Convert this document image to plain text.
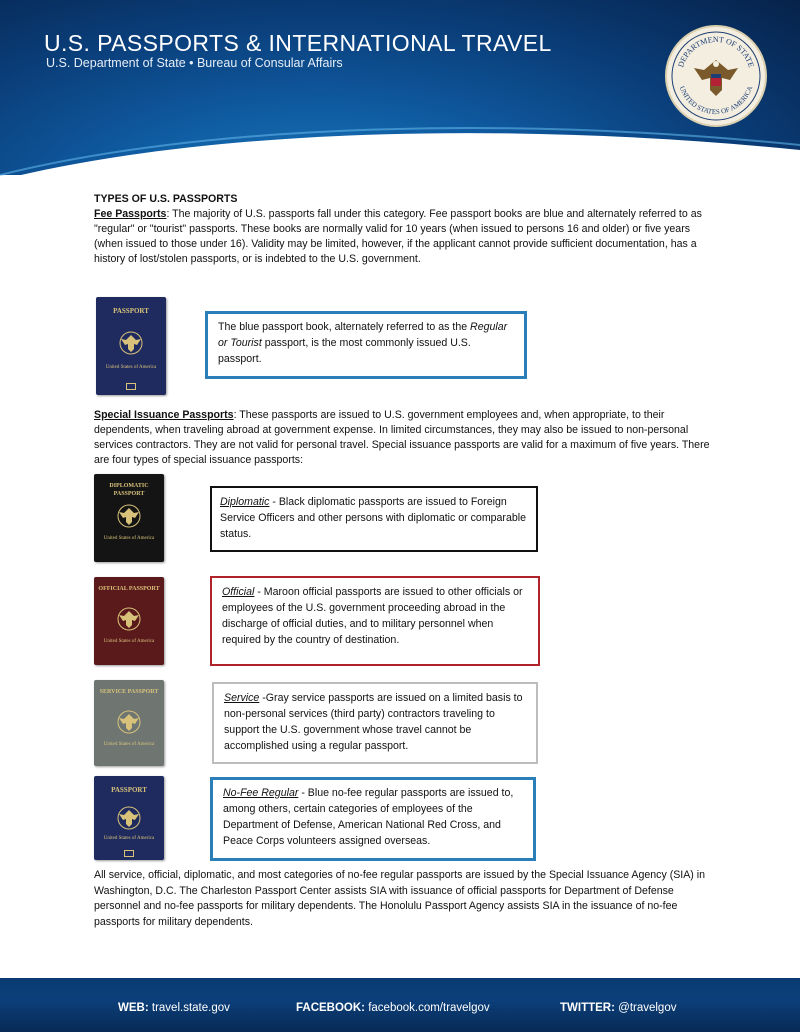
U.S. PASSPORTS & INTERNATIONAL TRAVEL
U.S. Department of State • Bureau of Consular Affairs	DEPARTMENT OF STATE
UNITED STATES OF AMERICA

TYPES OF U.S. PASSPORTS

Fee Passports: The majority of U.S. passports fall under this category. Fee passport books are blue and alternately referred to as "regular" or "tourist" passports. These books are normally valid for 10 years (when issued to persons 16 and older) or five years (when issued to those under 16). Validity may be limited, however, if the applicant cannot provide sufficient documentation, has a history of lost/stolen passports, or is indebted to the U.S. government.

PASSPORT
United States of America
The blue passport book, alternately referred to as the Regular or Tourist passport, is the most commonly issued U.S. passport.

Special Issuance Passports: These passports are issued to U.S. government employees and, when appropriate, to their dependents, when traveling abroad at government expense. In limited circumstances, they may also be issued to non-personal services contractors. They are not valid for personal travel. Special issuance passports are valid for a maximum of five years. There are four types of special issuance passports:

DIPLOMATIC PASSPORT
United States of America
Diplomatic - Black diplomatic passports are issued to Foreign Service Officers and other persons with diplomatic or comparable status.
OFFICIAL PASSPORT
United States of America
Official - Maroon official passports are issued to other officials or employees of the U.S. government proceeding abroad in the discharge of official duties, and to military personnel when required by the country of destination.
SERVICE PASSPORT
United States of America
Service -Gray service passports are issued on a limited basis to non-personal services (third party) contractors traveling to support the U.S. government whose travel cannot be accomplished using a regular passport.
PASSPORT
United States of America
No-Fee Regular - Blue no-fee regular passports are issued to, among others, certain categories of employees of the Department of Defense, American National Red Cross, and Peace Corps volunteers assigned overseas.
All service, official, diplomatic, and most categories of no-fee regular passports are issued by the Special Issuance Agency (SIA) in Washington, D.C. The Charleston Passport Center assists SIA with issuance of official passports for Department of Defense personnel and no-fee passports for military dependents. The Honolulu Passport Agency assists SIA in the issuance of no-fee passports for military dependents.
WEB: travel.state.gov	FACEBOOK: facebook.com/travelgov	TWITTER: @travelgov
